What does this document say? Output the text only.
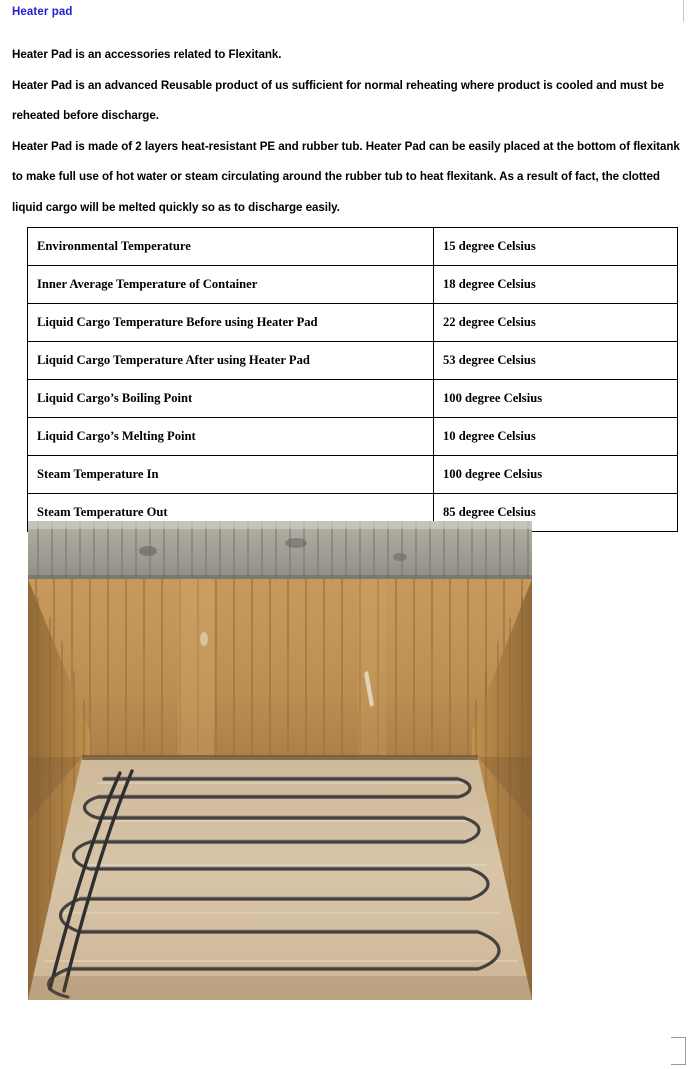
Heater pad

Heater Pad is an accessories related to Flexitank.

Heater Pad is an advanced Reusable product of us sufficient for normal reheating where product is cooled and must be reheated before discharge.

Heater Pad is made of 2 layers heat-resistant PE and rubber tub. Heater Pad can be easily placed at the bottom of flexitank to make full use of hot water or steam circulating around the rubber tub to heat flexitank. As a result of fact, the clotted liquid cargo will be melted quickly so as to discharge easily.

Environmental Temperature	15 degree Celsius
Inner Average Temperature of Container	18 degree Celsius
Liquid Cargo Temperature Before using Heater Pad	22 degree Celsius
Liquid Cargo Temperature After using Heater Pad	53 degree Celsius
Liquid Cargo’s Boiling Point	100 degree Celsius
Liquid Cargo’s Melting Point	10 degree Celsius
Steam Temperature In	100 degree Celsius
Steam Temperature Out	85 degree Celsius
